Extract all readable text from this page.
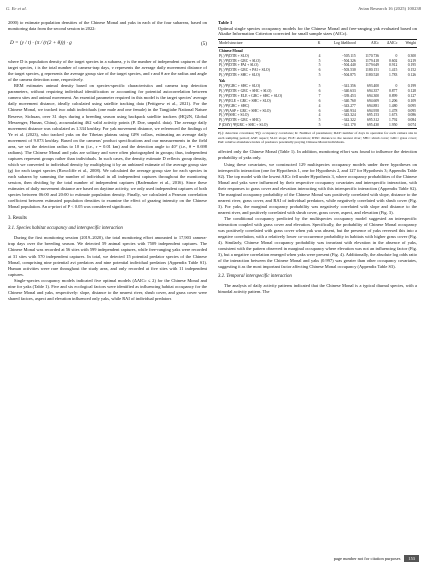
G. Ee et al.	Avian Research 16 (2025) 100238

2000) to estimate population densities of the Chinese Monal and yaks in each of the four subareas, based on monitoring data from the second session in 2022:

D = (y / t) · (π / (r(2 + θ))) · g	(5)

where D is population density of the target species in a subarea, y is the number of independent captures of the target species, t is the total number of camera-trap days, v represents the average daily movement distance of the target species, g represents the average group size of the target species, and r and θ are the radius and angle of the camera detection zone, respectively.

REM estimates animal density based on species-specific characteristics and camera trap detection parameters, without requiring individual identification or accounting for potential autocorrelation between camera sites and animal movement. An essential parameter required in this model is the target species' average daily movement distance, ideally calculated using satellite tracking data (Pettigrew et al., 2021). For the Chinese Monal, we tracked two adult individuals (one male and one female) in the Tangjiahe National Nature Reserve, Sichuan, over 31 days during a breeding season using backpack satellite trackers (HQ2N, Global Messenger, Hunan, China), accumulating 462 valid activity points (P. Doe, unpubl. data). The average daily movement distance was calculated as 1.334 km/day. For yak movement distance, we referenced the findings of Ye et al. (2023), who tracked yaks on the Tibetan plateau using GPS collars, estimating an average daily movement of 9.073 km/day. Based on the cameras' product specifications and our measurements in the field area, we set the detection radius to 10 m (i.e., r = 0.01 km) and the detection angle to 40° (i.e., θ = 0.698 radians). The Chinese Monal and yaks are solitary and were often photographed in groups; thus, independent captures represent groups rather than individuals. In such cases, the density estimate D reflects group density, which we converted to individual density by multiplying it by an unbiased estimate of the average group size (g) for each target species (Rowcliffe et al., 2008). We calculated the average group size for each species in each subarea by summing the number of individual in all independent captures throughout the monitoring session, then dividing by the total number of independent captures (Rademaker et al., 2016). Since these estimates of daily movement distance are based on daytime activity, we only used independent captures of both species between 06:00 and 20:00 to estimate population density. Finally, we calculated a Pearson correlation coefficient between estimated population densities to examine the effect of grazing intensity on the Chinese Monal population. An α-priori of P < 0.05 was considered significant.

3. Results
3.1. Species habitat occupancy and interspecific interaction

During the first monitoring session (2019–2020), the total monitoring effort amounted to 17,903 camera-trap days over the breeding season. We detected 59 animal species with 7509 independent captures. The Chinese Monal was recorded at 56 sites with 599 independent captures, while free-ranging yaks were recorded at 31 sites with 570 independent captures. In total, we detected 15 potential predator species of the Chinese Monal, comprising nine potential avi predators and nine potential individual predators (Appendix Table S1). Human activities were rare throughout the study area, and only recorded at five sites with 11 independent captures.

Single-species occupancy models indicated five optimal models (ΔAICc ≤ 2) for the Chinese Monal and nine for yaks (Table 1). Five and six ecological factors were identified as influencing habitat occupancy for the Chinese Monal and yaks, respectively: slope, distance to the nearest river, shrub cover, and grass cover were shared factors, aspect and elevation influenced only yaks, while RAI of individual predators

Table 1
Optimal single species occupancy models for the Chinese Monal and free-ranging yak evaluated based on Akaike Information Criterion corrected for small sample sizes (AICc).
Model structure	K	Log likelihood	AICc	ΔAICc	Weight
Chinese Monal					
P(.) Ψ(DTR + SLO)	4	−505.115	1170.736	0	0.300
P(.) Ψ(DTR + GRC + SLO)	5	−504.326	1179.418	0.602	0.219
P(.) Ψ(DTR + PAI + SLO)	5	−504.440	1179.649	0.912	0.195
P(.) Ψ(DTR + GRC + PAI + SLO)	6	−503.530	1180.151	1.415	0.152
P(.) Ψ(DTR + SHC + SLO)	5	−504.875	1180.520	1.783	0.126
Yak					
P(.) Ψ(GRC + SHC + SLO)	5	−341.356	693.400	0	0.199
P(.) Ψ(DTR + GRC + SHC + SLO)	6	−340.633	694.357	0.877	0.128
P(.) Ψ(DTR + ELE + GRC + SHC + SLO)	7	−339.453	694.300	0.899	0.127
P(.) Ψ(ELE + GRC + SHC + SLO)	6	−340.760	694.609	1.206	0.109
P(.) Ψ(GRC + SHC)	4	−343.277	694.881	1.480	0.095
P(.) Ψ(ASP + GRC + SHC + SLO)	6	−340.934	694.958	1.478	0.095
P(.) Ψ(SHC + SLO)	4	−343.324	695.153	1.673	0.086
P(.) Ψ(DTR + GRC + SHC)	5	−342.322	695.312	1.792	0.084
P (DAY) Ψ(GRC + SHC + SLO)	5	−341.170	695.430	1.950	0.074
P(.): detection covariates; Ψ(): occupancy covariates; K: Number of parameters; DAY: number of days in operation for each camera site in each sampling period; ASP: aspect; SLO: slope; ELE: elevation; DTR: distance to the nearest river; SHC: shrub cover; GRC: grass cover; PAI: relative abundance index of predators potentially preying Chinese Monal individuals.

affected only the Chinese Monal (Table 1). In addition, monitoring effort was found to influence the detection probability of yaks only.

Using these covariates, we constructed 129 multispecies occupancy models under three hypotheses on interspecific interaction (one for Hypothesis 1, one for Hypothesis 2, and 127 for Hypothesis 3; Appendix Table S2). The top model with the lowest AICc fell under Hypothesis 3, where occupancy probabilities of the Chinese Monal and yaks were influenced by their respective occupancy covariates and interspecific interaction, with their responses to grass cover and elevation interacting with this interspecific interaction (Appendix Table S2). The marginal occupancy probability of the Chinese Monal was positively correlated with slope, distance to the nearest river, grass cover, and RAI of individual predators, while negatively correlated with shrub cover (Fig. 3). For yaks, the marginal occupancy probability was negatively correlated with slope and distance to the nearest river, and positively correlated with shrub cover, grass cover, aspect, and elevation (Fig. 3).

The conditional occupancy predicted by the multispecies occupancy model suggested an interspecific interaction coupled with grass cover and elevation. Specifically, the probability of Chinese Monal occupancy was positively correlated with grass cover when yak was absent, but the presence of yaks reversed this into a negative correlation, with a relatively lower co-occurrence probability in habitats with higher grass cover (Fig. 4). Similarly, Chinese Monal occupancy probability was invariant with elevation in the absence of yaks, consistent with the pattern observed in marginal occupancy where elevation was not an influencing factor (Fig. 3), but a negative correlation emerged when yaks were present (Fig. 4). Additionally, the absolute log odds ratio of the interaction between the Chinese Monal and yaks (0.997) was greater than other occupancy covariates, suggesting it as the most important factor affecting Chinese Monal occupancy (Appendix Table S3).

3.2. Temporal interspecific interaction

The analysis of daily activity patterns indicated that the Chinese Monal is a typical diurnal species, with a bimodal activity pattern. The

page number not for citation purposes	153
